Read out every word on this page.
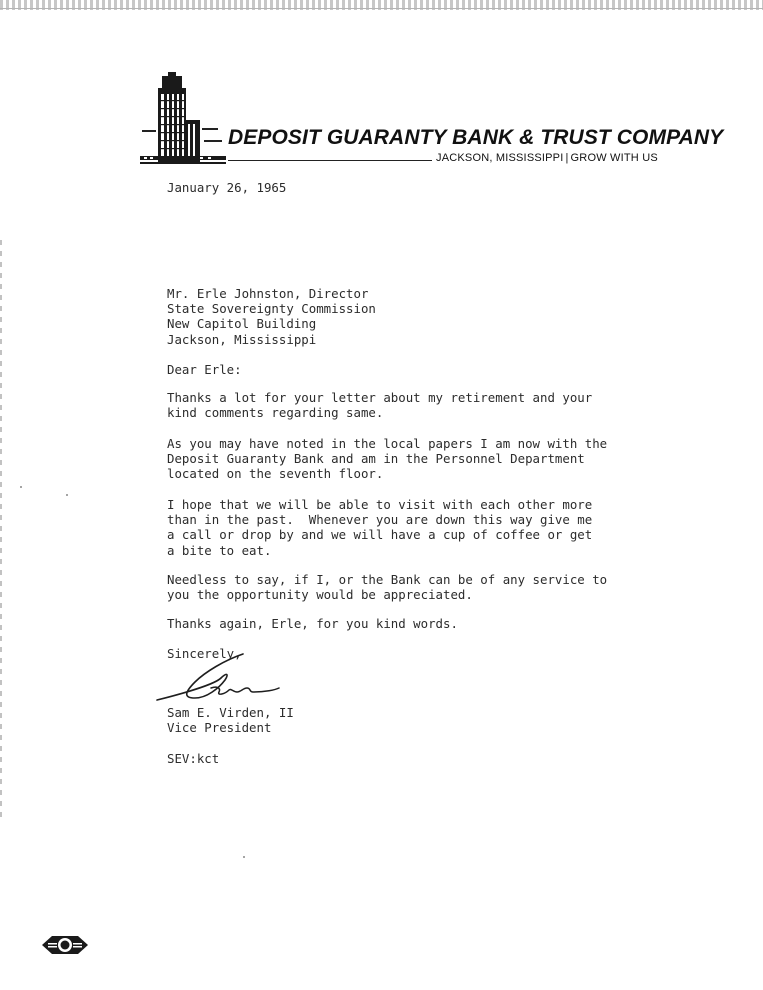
DEPOSIT GUARANTY BANK & TRUST COMPANY
JACKSON, MISSISSIPPI | GROW WITH US
January 26, 1965
Mr. Erle Johnston, Director
State Sovereignty Commission
New Capitol Building
Jackson, Mississippi
Dear Erle:
Thanks a lot for your letter about my retirement and your
kind comments regarding same.
As you may have noted in the local papers I am now with the
Deposit Guaranty Bank and am in the Personnel Department
located on the seventh floor.
I hope that we will be able to visit with each other more
than in the past.  Whenever you are down this way give me
a call or drop by and we will have a cup of coffee or get
a bite to eat.
Needless to say, if I, or the Bank can be of any service to
you the opportunity would be appreciated.
Thanks again, Erle, for you kind words.
Sincerely,
Sam E. Virden, II
Vice President
SEV:kct
